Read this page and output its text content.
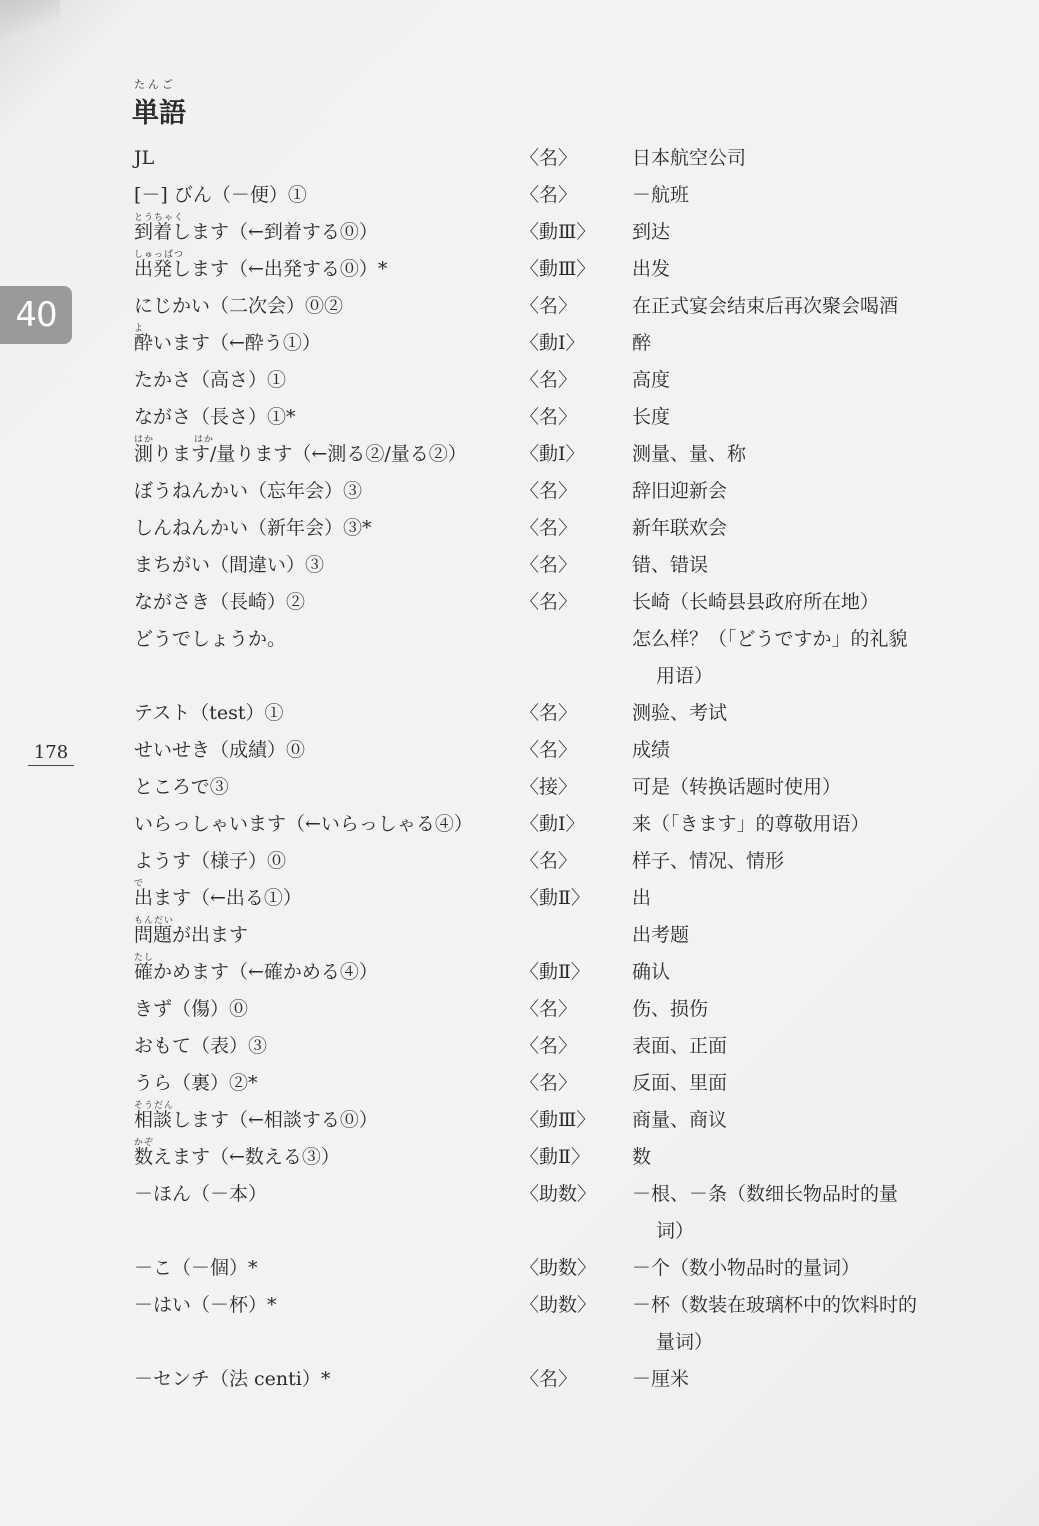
40
178
たんご
単語
JL	〈名〉	日本航空公司
[－] びん（－便）①	〈名〉	－航班
とうちゃく
到着します（←到着する⓪）	〈動Ⅲ〉	到达
しゅっぱつ
出発します（←出発する⓪）*	〈動Ⅲ〉	出发
にじかい（二次会）⓪②	〈名〉	在正式宴会结束后再次聚会喝酒
よ
酔います（←酔う①）	〈動Ⅰ〉	醉
たかさ（高さ）①	〈名〉	高度
ながさ（長さ）①*	〈名〉	长度
はか　　　　はか
測ります/量ります（←測る②/量る②）	〈動Ⅰ〉	测量、量、称
ぼうねんかい（忘年会）③	〈名〉	辞旧迎新会
しんねんかい（新年会）③*	〈名〉	新年联欢会
まちがい（間違い）③	〈名〉	错、错误
ながさき（長崎）②	〈名〉	长崎（长崎县县政府所在地）
どうでしょうか。	怎么样？（「どうですか」的礼貌
用语）
テスト（test）①	〈名〉	测验、考试
せいせき（成績）⓪	〈名〉	成绩
ところで③	〈接〉	可是（转换话题时使用）
いらっしゃいます（←いらっしゃる④）	〈動Ⅰ〉	来（「きます」的尊敬用语）
ようす（様子）⓪	〈名〉	样子、情况、情形
で
出ます（←出る①）	〈動Ⅱ〉	出
もんだい
問題が出ます	出考题
たし
確かめます（←確かめる④）	〈動Ⅱ〉	确认
きず（傷）⓪	〈名〉	伤、损伤
おもて（表）③	〈名〉	表面、正面
うら（裏）②*	〈名〉	反面、里面
そうだん
相談します（←相談する⓪）	〈動Ⅲ〉	商量、商议
かぞ
数えます（←数える③）	〈動Ⅱ〉	数
－ほん（－本）	〈助数〉	－根、－条（数细长物品时的量
词）
－こ（－個）*	〈助数〉	－个（数小物品时的量词）
－はい（－杯）*	〈助数〉	－杯（数装在玻璃杯中的饮料时的
量词）
－センチ（法 centi）*	〈名〉	－厘米
